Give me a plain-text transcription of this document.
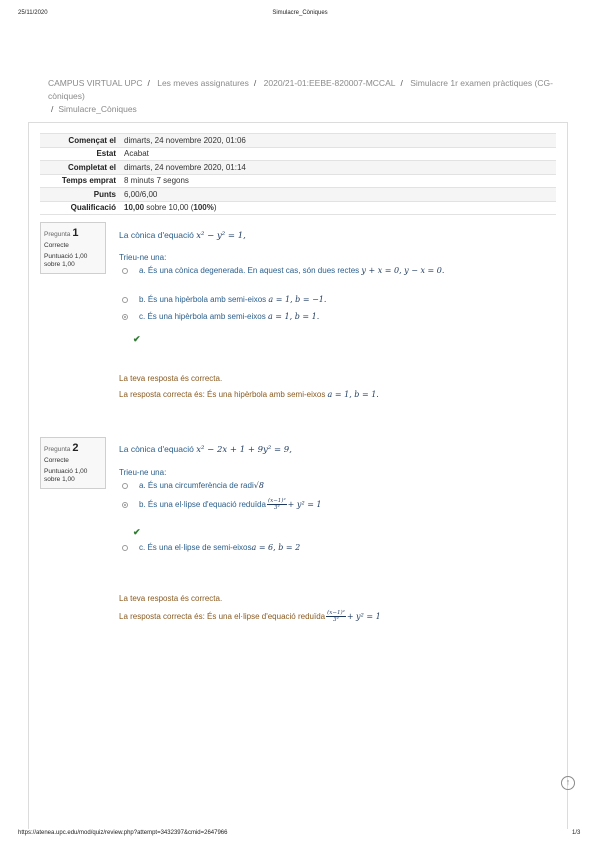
25/11/2020	Simulacre_Còniques
CAMPUS VIRTUAL UPC / Les meves assignatures / 2020/21-01:EEBE-820007-MCCAL / Simulacre 1r examen pràctiques (CG-còniques)
/ Simulacre_Còniques
Començat el	dimarts, 24 novembre 2020, 01:06
Estat	Acabat
Completat el	dimarts, 24 novembre 2020, 01:14
Temps emprat	8 minuts 7 segons
Punts	6,00/6,00
Qualificació	10,00 sobre 10,00 (100%)
Pregunta 1
Correcte
Puntuació 1,00
sobre 1,00
La cònica d'equació x² − y² = 1,
Trieu-ne una:
a. És una cònica degenerada. En aquest cas, són dues rectes
y + x = 0, y − x = 0.
b. És una hipèrbola amb semi-eixos
a = 1, b = −1.
c. És una hipèrbola amb semi-eixos
a = 1, b = 1.
✔
La teva resposta és correcta.
La resposta correcta és: És una hipèrbola amb semi-eixos a = 1, b = 1.
Pregunta 2
Correcte
Puntuació 1,00
sobre 1,00
La cònica d'equació x² − 2x + 1 + 9y² = 9,
Trieu-ne una:
a. És una circumferència de radi √8
b. És una el·lipse d'equació reduïda $\frac{\text{(x−1)²}}{\text{3²}} + y^2 = 1$
✔
c. És una el·lipse de semi-eixos a = 6, b = 2
La teva resposta és correcta.
La resposta correcta és: És una el·lipse d'equació reduïda $\frac{\text{(x−1)²}}{\text{3²}} + y^2 = 1$
↑
https://atenea.upc.edu/mod/quiz/review.php?attempt=3432397&cmid=2647966	1/3
